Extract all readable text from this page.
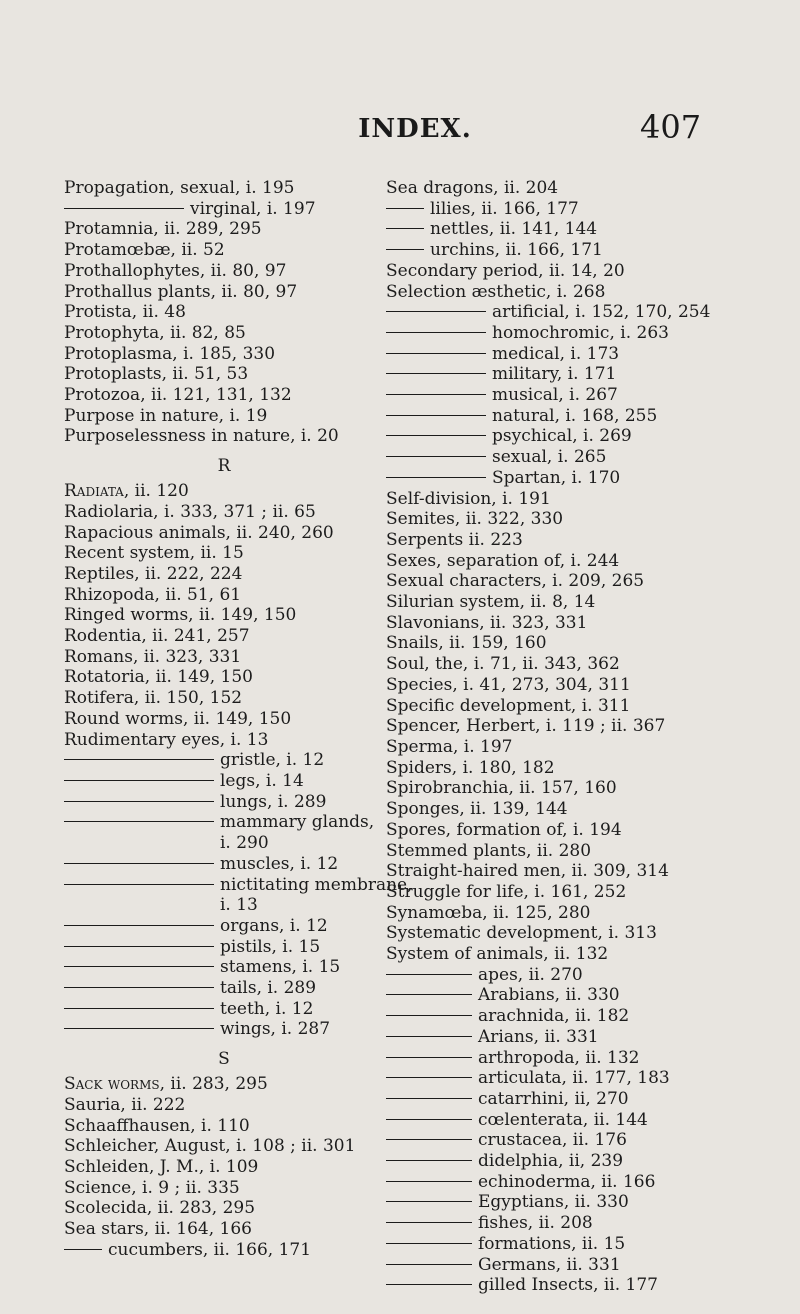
INDEX.	407
Propagation, sexual, i. 195
virginal, i. 197
Protamnia, ii. 289, 295
Protamœbæ, ii. 52
Prothallophytes, ii. 80, 97
Prothallus plants, ii. 80, 97
Protista, ii. 48
Protophyta, ii. 82, 85
Protoplasma, i. 185, 330
Protoplasts, ii. 51, 53
Protozoa, ii. 121, 131, 132
Purpose in nature, i. 19
Purposelessness in nature, i. 20
R
Radiata, ii. 120
Radiolaria, i. 333, 371 ; ii. 65
Rapacious animals, ii. 240, 260
Recent system, ii. 15
Reptiles, ii. 222, 224
Rhizopoda, ii. 51, 61
Ringed worms, ii. 149, 150
Rodentia, ii. 241, 257
Romans, ii. 323, 331
Rotatoria, ii. 149, 150
Rotifera, ii. 150, 152
Round worms, ii. 149, 150
Rudimentary eyes, i. 13
gristle, i. 12
legs, i. 14
lungs, i. 289
mammary glands,
i. 290
muscles, i. 12
nictitating membrane,
i. 13
organs, i. 12
pistils, i. 15
stamens, i. 15
tails, i. 289
teeth, i. 12
wings, i. 287
S
Sack worms, ii. 283, 295
Sauria, ii. 222
Schaaffhausen, i. 110
Schleicher, August, i. 108 ; ii. 301
Schleiden, J. M., i. 109
Science, i. 9 ; ii. 335
Scolecida, ii. 283, 295
Sea stars, ii. 164, 166
cucumbers, ii. 166, 171
Sea dragons, ii. 204
lilies, ii. 166, 177
nettles, ii. 141, 144
urchins, ii. 166, 171
Secondary period, ii. 14, 20
Selection æsthetic, i. 268
artificial, i. 152, 170, 254
homochromic, i. 263
medical, i. 173
military, i. 171
musical, i. 267
natural, i. 168, 255
psychical, i. 269
sexual, i. 265
Spartan, i. 170
Self-division, i. 191
Semites, ii. 322, 330
Serpents ii. 223
Sexes, separation of, i. 244
Sexual characters, i. 209, 265
Silurian system, ii. 8, 14
Slavonians, ii. 323, 331
Snails, ii. 159, 160
Soul, the, i. 71, ii. 343, 362
Species, i. 41, 273, 304, 311
Specific development, i. 311
Spencer, Herbert, i. 119 ; ii. 367
Sperma, i. 197
Spiders, i. 180, 182
Spirobranchia, ii. 157, 160
Sponges, ii. 139, 144
Spores, formation of, i. 194
Stemmed plants, ii. 280
Straight-haired men, ii. 309, 314
Struggle for life, i. 161, 252
Synamœba, ii. 125, 280
Systematic development, i. 313
System of animals, ii. 132
apes, ii. 270
Arabians, ii. 330
arachnida, ii. 182
Arians, ii. 331
arthropoda, ii. 132
articulata, ii. 177, 183
catarrhini, ii, 270
cœlenterata, ii. 144
crustacea, ii. 176
didelphia, ii, 239
echinoderma, ii. 166
Egyptians, ii. 330
fishes, ii. 208
formations, ii. 15
Germans, ii. 331
gilled Insects, ii. 177
